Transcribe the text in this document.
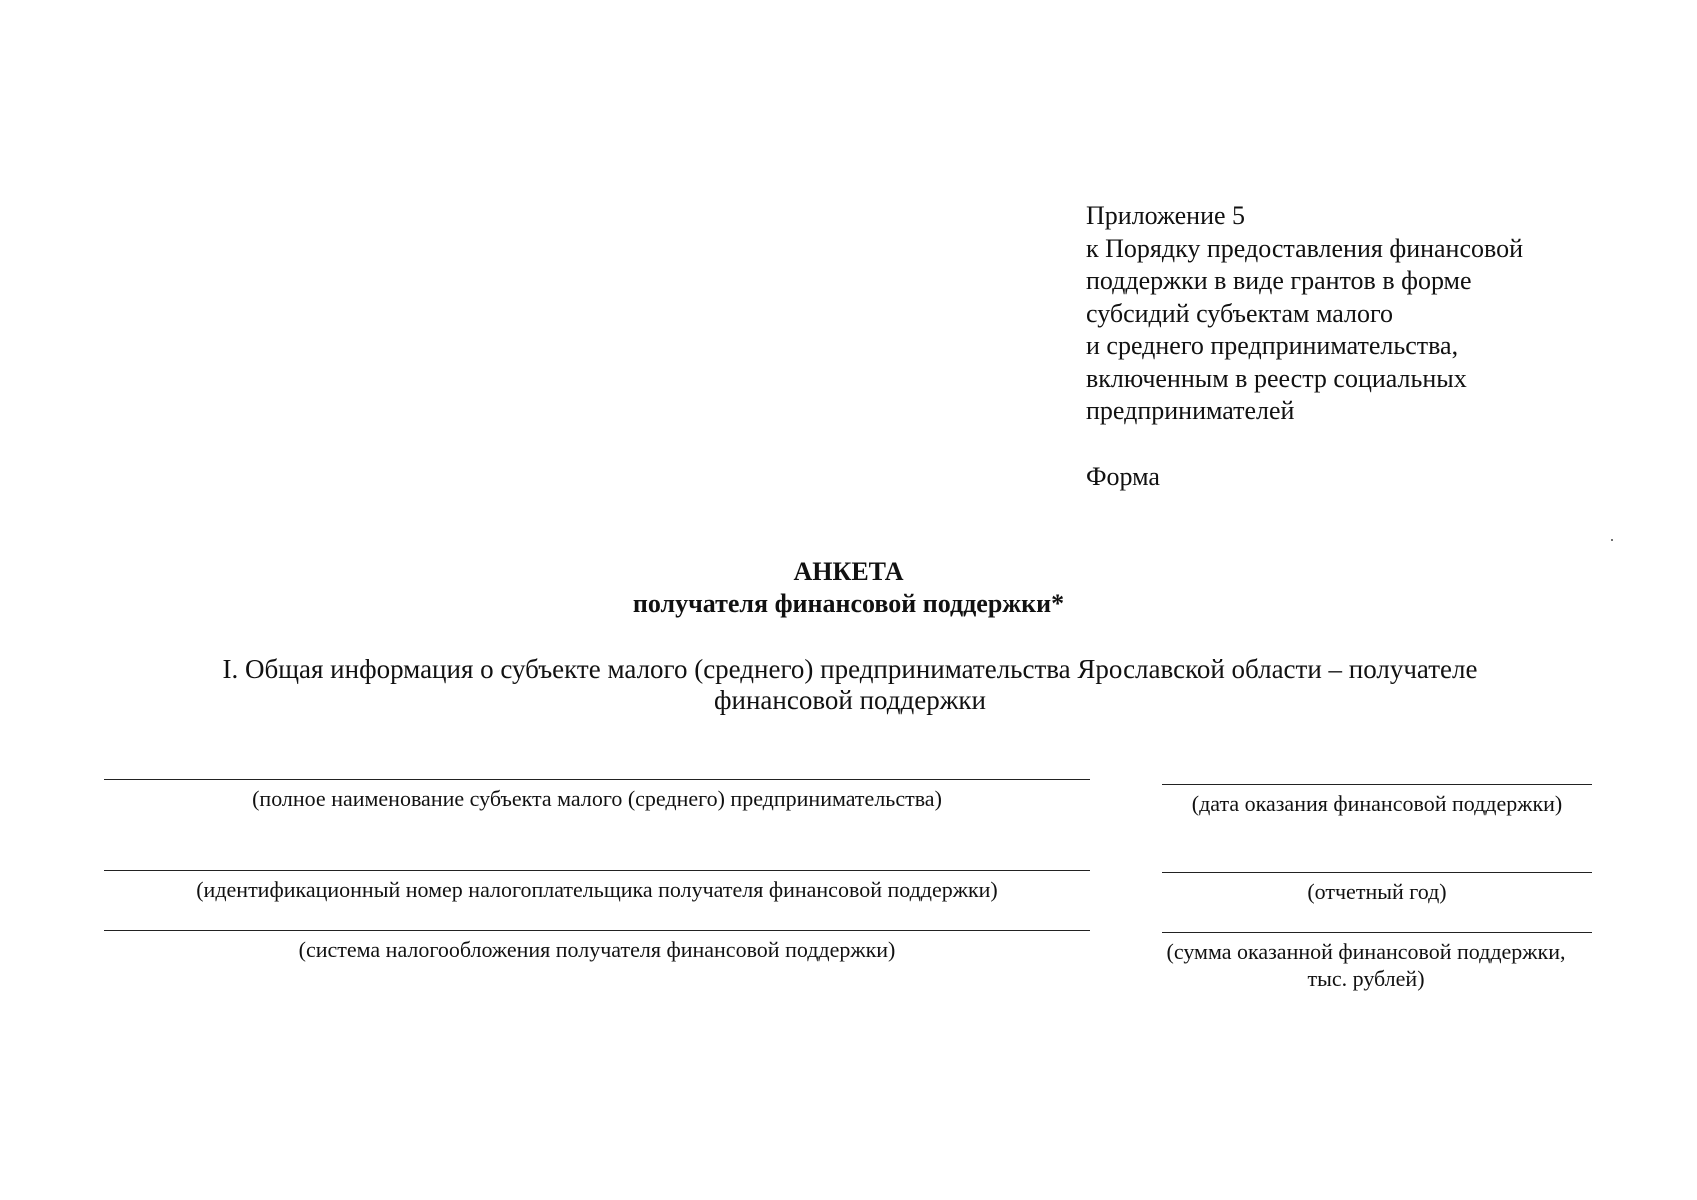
Приложение 5
к Порядку предоставления финансовой
поддержки в виде грантов в форме
субсидий субъектам малого
и среднего предпринимательства,
включенным в реестр социальных
предпринимателей
Форма
АНКЕТА
получателя финансовой поддержки*
I. Общая информация о субъекте малого (среднего) предпринимательства Ярославской области – получателе
финансовой поддержки
(полное наименование субъекта малого (среднего) предпринимательства)
(идентификационный номер налогоплательщика получателя финансовой поддержки)
(система налогообложения получателя финансовой поддержки)
(дата оказания финансовой поддержки)
(отчетный год)
(сумма оказанной финансовой поддержки,
тыс. рублей)
